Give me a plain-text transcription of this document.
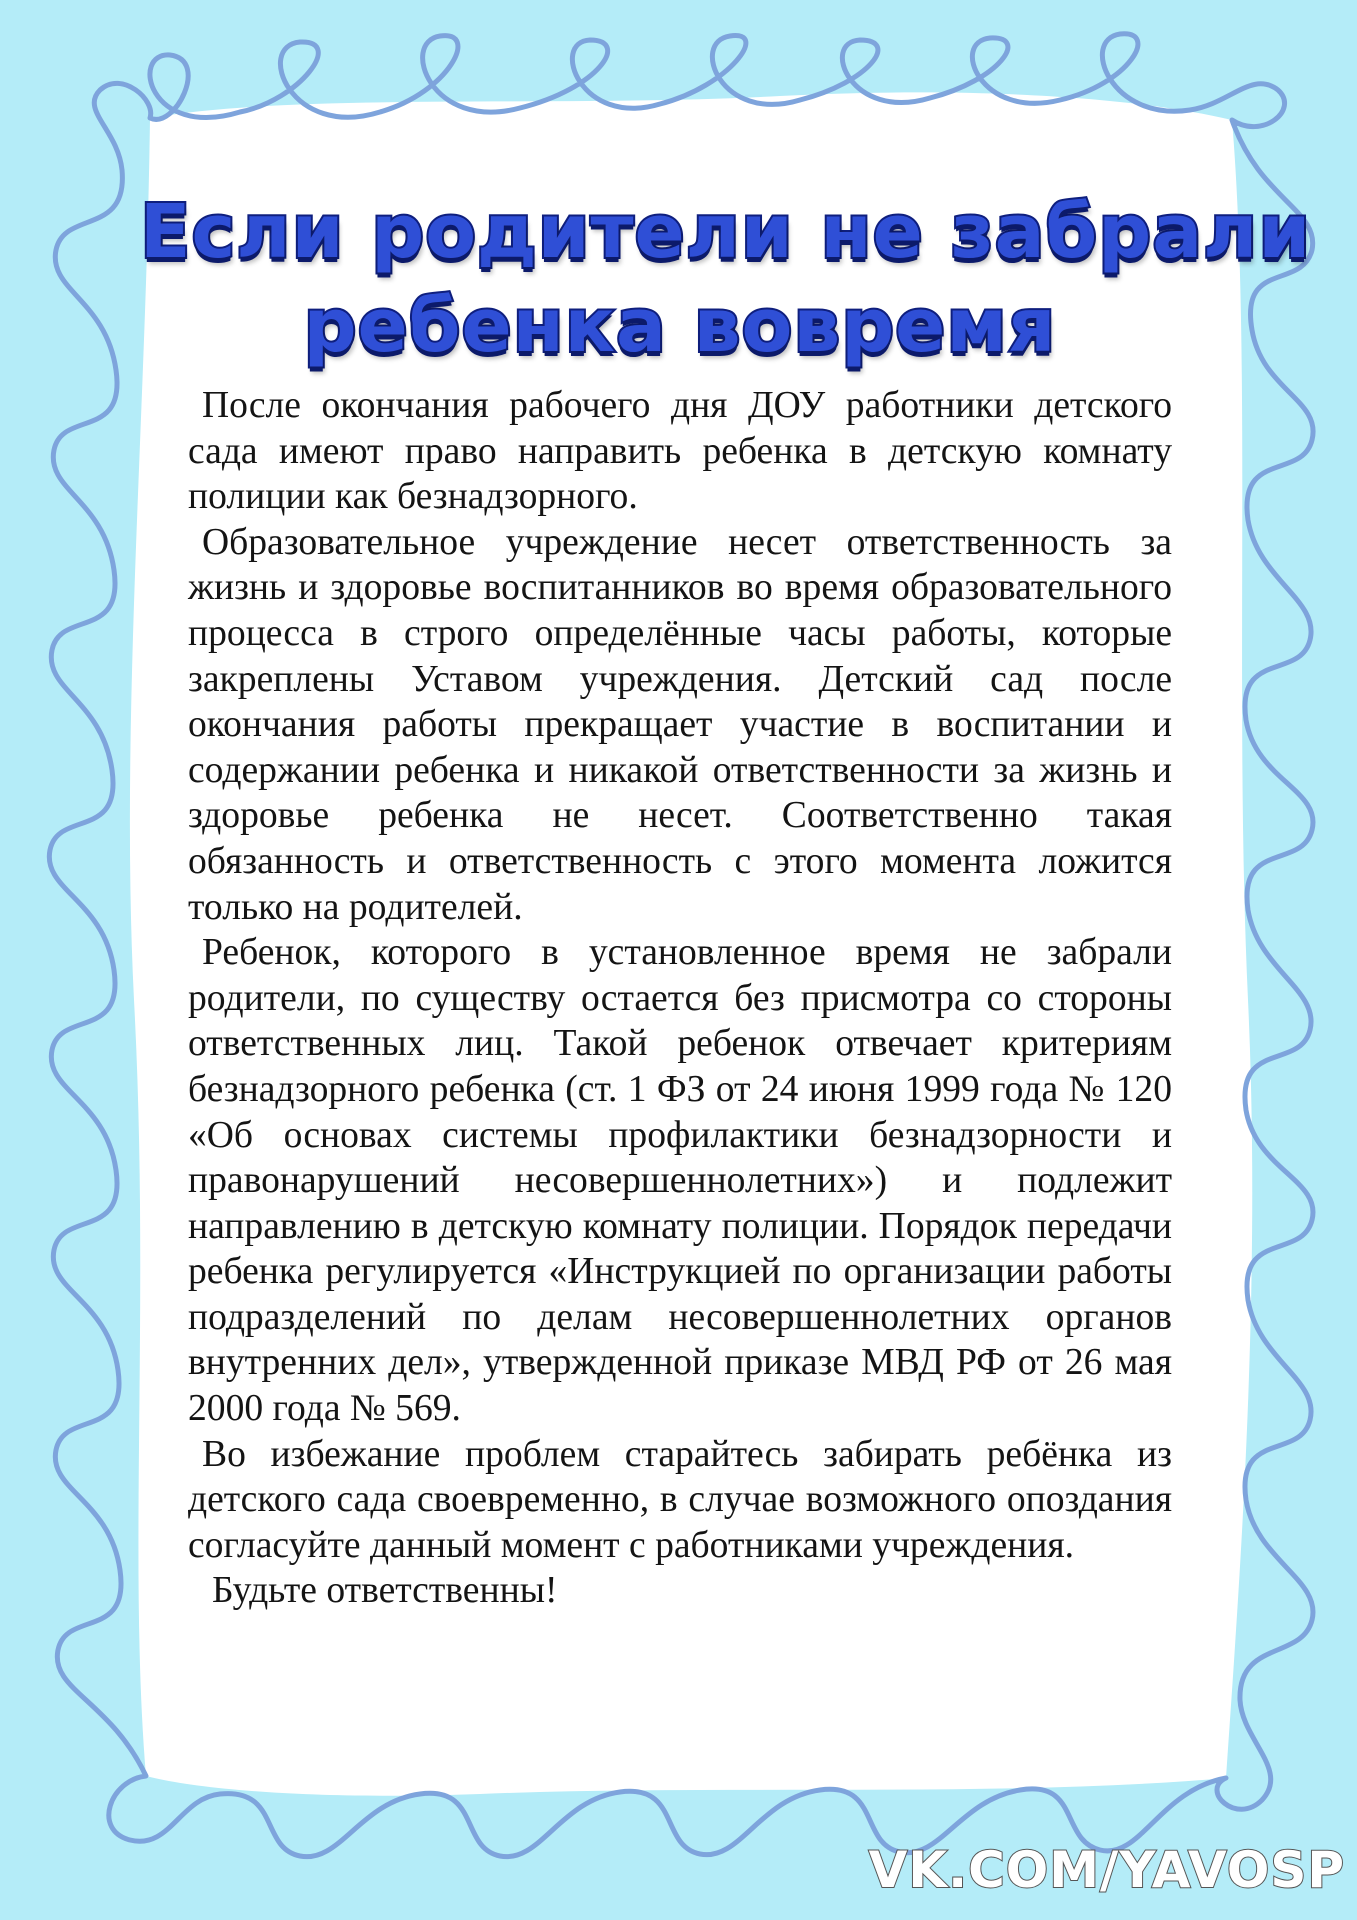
Если родители не забрали
ребенка вовремя

После окончания рабочего дня ДОУ работники детского сада имеют право направить ребенка в детскую комнату полиции как безнадзорного.

Образовательное учреждение несет ответственность за жизнь и здоровье воспитанников во время образовательного процесса в строго определённые часы работы, которые закреплены Уставом учреждения. Детский сад после окончания работы прекращает участие в воспитании и содержании ребенка и никакой ответственности за жизнь и здоровье ребенка не несет. Соответственно такая обязанность и ответственность с этого момента ложится только на родителей.

Ребенок, которого в установленное время не забрали родители, по существу остается без присмотра со стороны ответственных лиц. Такой ребенок отвечает критериям безнадзорного ребенка (ст. 1 ФЗ от 24 июня 1999 года № 120 «Об основах системы профилактики безнадзорности и правонарушений несовершеннолетних») и подлежит направлению в детскую комнату полиции. Порядок передачи ребенка регулируется «Инструкцией по организации работы подразделений по делам несовершеннолетних органов внутренних дел», утвержденной приказе МВД РФ от 26 мая 2000 года № 569.

Во избежание проблем старайтесь забирать ребёнка из детского сада своевременно, в случае возможного опоздания согласуйте данный момент с работниками учреждения.

Будьте ответственны!

VK.COM/YAVOSP
